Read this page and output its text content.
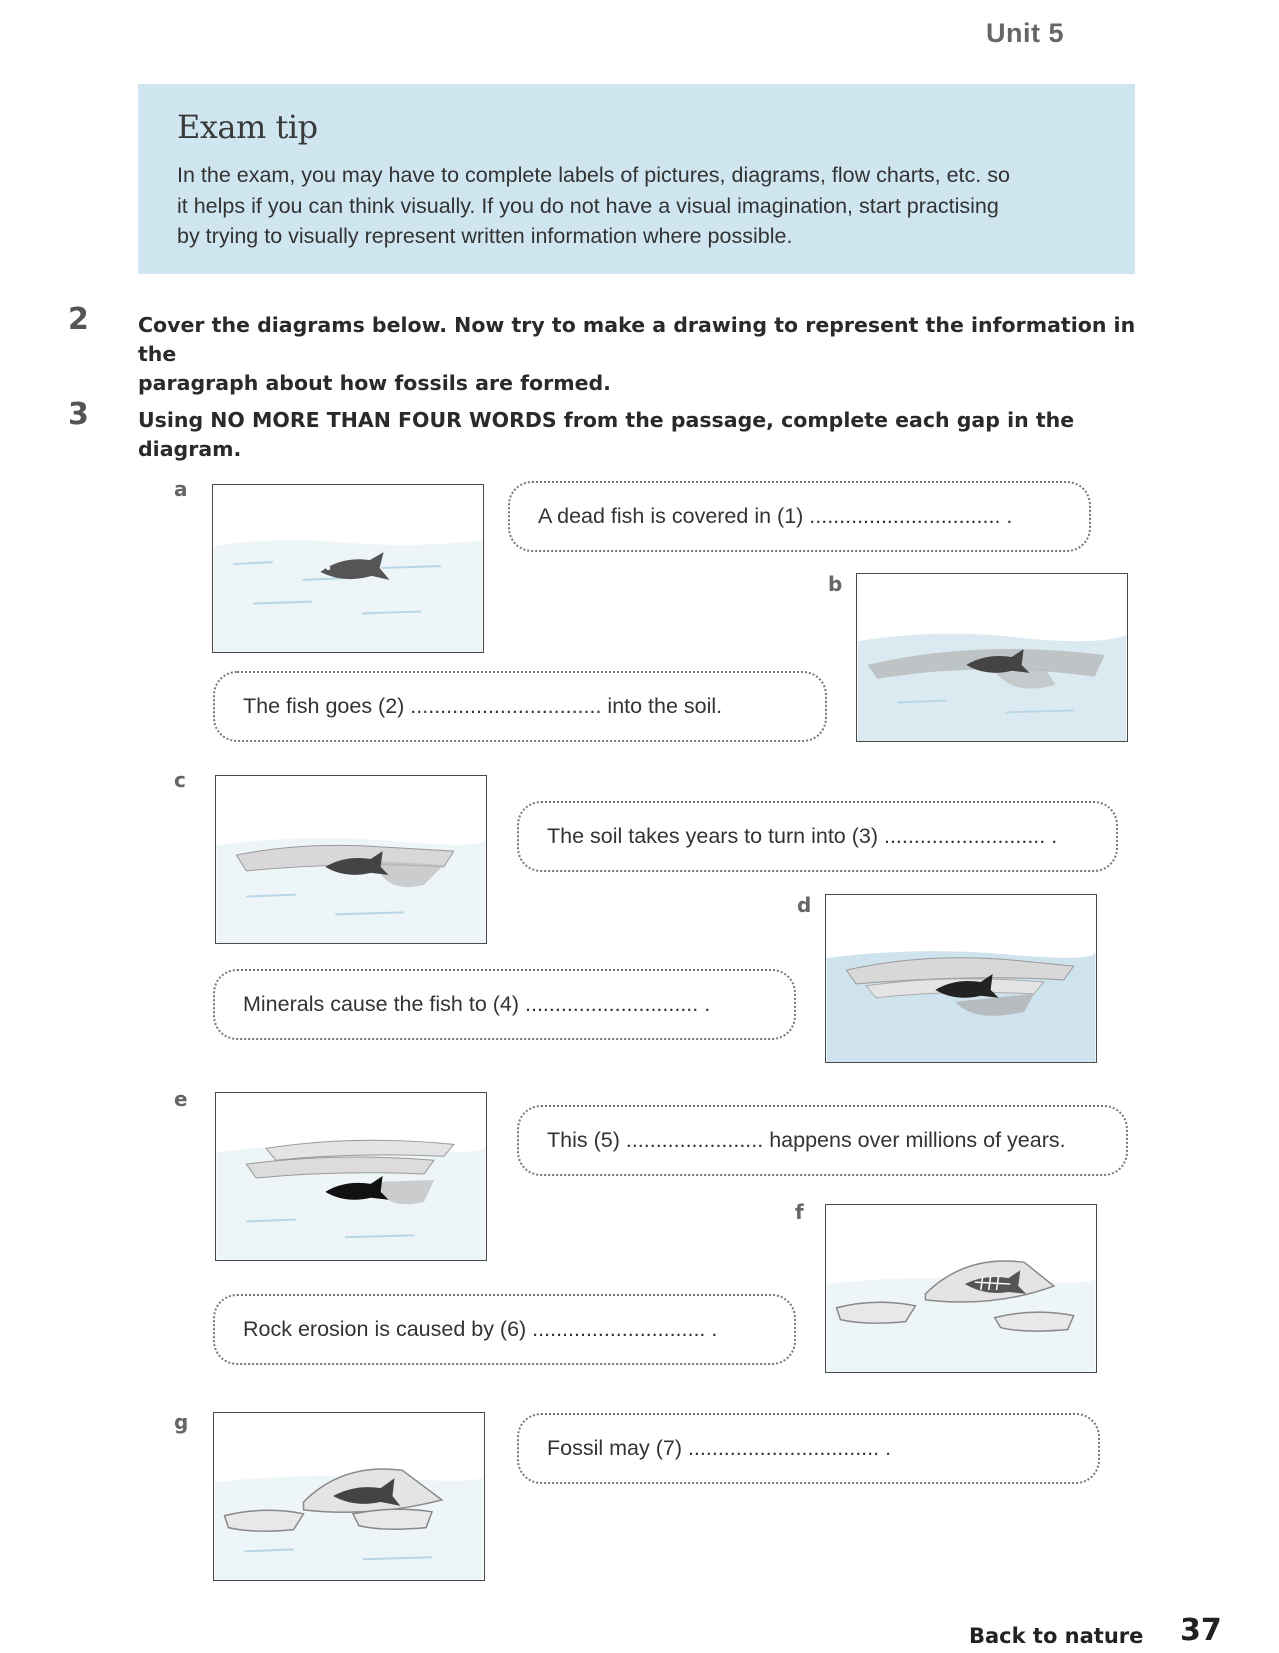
Unit 5

Exam tip

In the exam, you may have to complete labels of pictures, diagrams, flow charts, etc. so
it helps if you can think visually. If you do not have a visual imagination, start practising
by trying to visually represent written information where possible.

2 Cover the diagrams below. Now try to make a drawing to represent the information in the
paragraph about how fossils are formed.
3 Using NO MORE THAN FOUR WORDS from the passage, complete each gap in the diagram.
a
A dead fish is covered in (1) ................................ .
b
The fish goes (2) ................................ into the soil.
c
The soil takes years to turn into (3) ........................... .
d
Minerals cause the fish to (4) ............................. .
e
This (5) ....................... happens over millions of years.
f
Rock erosion is caused by (6) ............................. .
g
Fossil may (7) ................................ .
Back to nature 37
